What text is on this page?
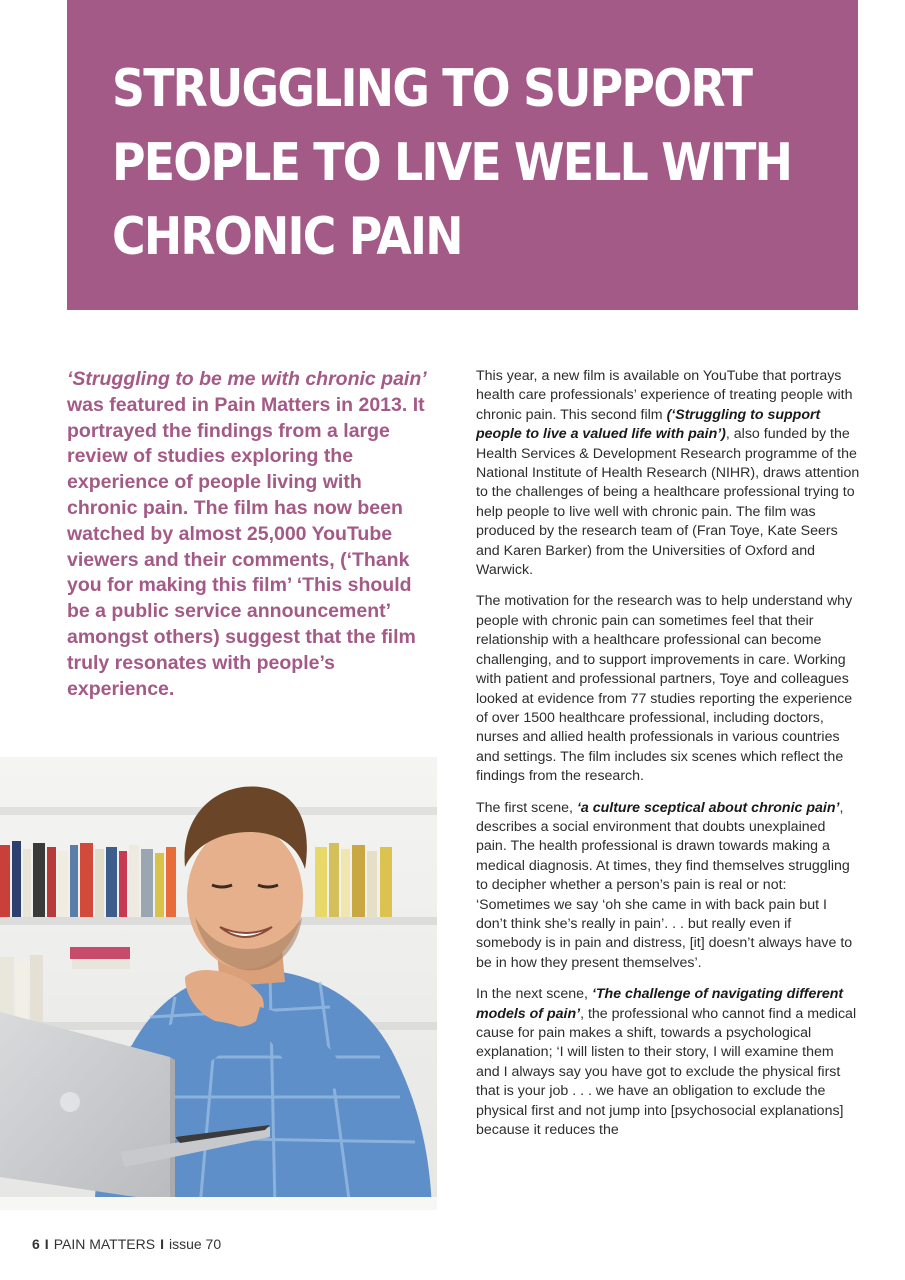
STRUGGLING TO SUPPORT
PEOPLE TO LIVE WELL WITH
CHRONIC PAIN

‘Struggling to be me with chronic pain’ was featured in Pain Matters in 2013. It portrayed the findings from a large review of studies exploring the experience of people living with chronic pain. The film has now been watched by almost 25,000 YouTube viewers and their comments, (‘Thank you for making this film’ ‘This should be a public service announcement’ amongst others) suggest that the film truly resonates with people’s experience.

This year, a new film is available on YouTube that portrays health care professionals’ experience of treating people with chronic pain. This second film (‘Struggling to support people to live a valued life with pain’), also funded by the Health Services & Development Research programme of the National Institute of Health Research (NIHR), draws attention to the challenges of being a healthcare professional trying to help people to live well with chronic pain. The film was produced by the research team of (Fran Toye, Kate Seers and Karen Barker) from the Universities of Oxford and Warwick.

The motivation for the research was to help understand why people with chronic pain can sometimes feel that their relationship with a healthcare professional can become challenging, and to support improvements in care. Working with patient and professional partners, Toye and colleagues looked at evidence from 77 studies reporting the experience of over 1500 healthcare professional, including doctors, nurses and allied health professionals in various countries and settings. The film includes six scenes which reflect the findings from the research.

The first scene, ‘a culture sceptical about chronic pain’, describes a social environment that doubts unexplained pain. The health professional is drawn towards making a medical diagnosis. At times, they find themselves struggling to decipher whether a person’s pain is real or not: ‘Sometimes we say ‘oh she came in with back pain but I don’t think she’s really in pain’. . . but really even if somebody is in pain and distress, [it] doesn’t always have to be in how they present themselves’.

In the next scene, ‘The challenge of navigating different models of pain’, the professional who cannot find a medical cause for pain makes a shift, towards a psychological explanation; ‘I will listen to their story, I will examine them and I always say you have got to exclude the physical first that is your job . . . we have an obligation to exclude the physical first and not jump into [psychosocial explanations] because it reduces the

6 I PAIN MATTERS I issue 70
